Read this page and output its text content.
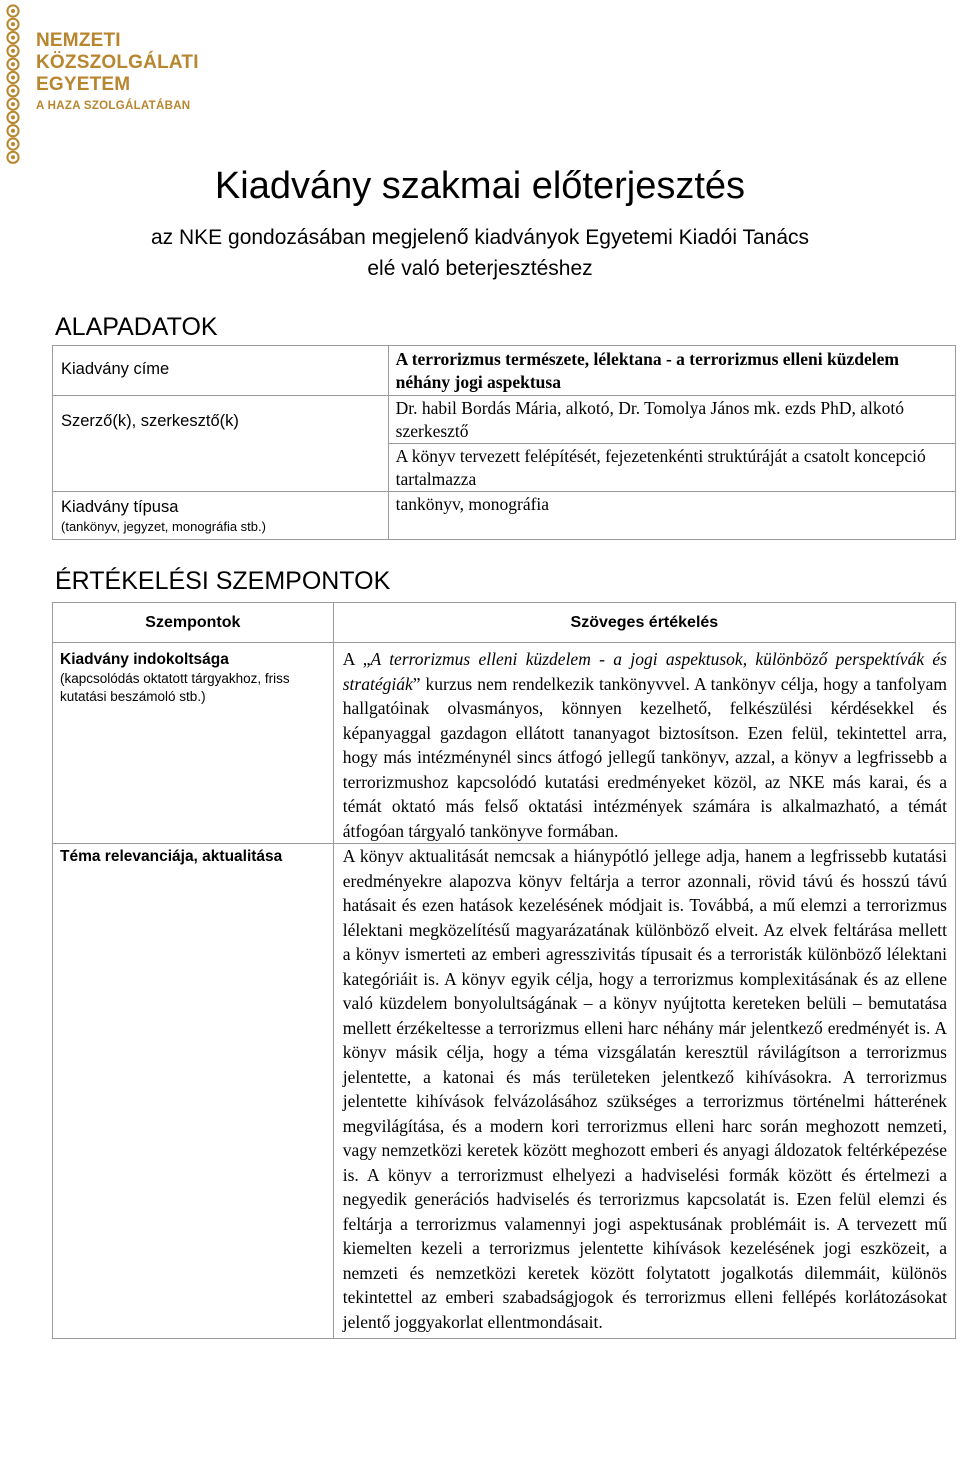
NEMZETI
KÖZSZOLGÁLATI
EGYETEM
A HAZA SZOLGÁLATÁBAN
Kiadvány szakmai előterjesztés
az NKE gondozásában megjelenő kiadványok Egyetemi Kiadói Tanács
elé való beterjesztéshez
ALAPADATOK
Kiadvány címe	A terrorizmus természete, lélektana - a terrorizmus elleni küzdelem néhány jogi aspektusa

Szerző(k), szerkesztő(k)	Dr. habil Bordás Mária, alkotó, Dr. Tomolya János mk. ezds PhD, alkotó szerkesztő

	A könyv tervezett felépítését, fejezetenkénti struktúráját a csatolt koncepció tartalmazza

Kiadvány típusa
(tankönyv, jegyzet, monográfia stb.)	tankönyv, monográfia
ÉRTÉKELÉSI SZEMPONTOK
Szempontok	Szöveges értékelés

Kiadvány indokoltsága
(kapcsolódás oktatott tárgyakhoz, friss kutatási beszámoló stb.)	A „A terrorizmus elleni küzdelem - a jogi aspektusok, különböző perspektívák és stratégiák” kurzus nem rendelkezik tankönyvvel. A tankönyv célja, hogy a tanfolyam hallgatóinak olvasmányos, könnyen kezelhető, felkészülési kérdésekkel és képanyaggal gazdagon ellátott tananyagot biztosítson. Ezen felül, tekintettel arra, hogy más intézménynél sincs átfogó jellegű tankönyv, azzal, a könyv a legfrissebb a terrorizmushoz kapcsolódó kutatási eredményeket közöl, az NKE más karai, és a témát oktató más felső oktatási intézmények számára is alkalmazható, a témát átfogóan tárgyaló tankönyve formában.

Téma relevanciája, aktualitása	A könyv aktualitását nemcsak a hiánypótló jellege adja, hanem a legfrissebb kutatási eredményekre alapozva könyv feltárja a terror azonnali, rövid távú és hosszú távú hatásait és ezen hatások kezelésének módjait is. Továbbá, a mű elemzi a terrorizmus lélektani megközelítésű magyarázatának különböző elveit. Az elvek feltárása mellett a könyv ismerteti az emberi agresszivitás típusait és a terroristák különböző lélektani kategóriáit is. A könyv egyik célja, hogy a terrorizmus komplexitásának és az ellene való küzdelem bonyolultságának – a könyv nyújtotta kereteken belüli – bemutatása mellett érzékeltesse a terrorizmus elleni harc néhány már jelentkező eredményét is. A könyv másik célja, hogy a téma vizsgálatán keresztül rávilágítson a terrorizmus jelentette, a katonai és más területeken jelentkező kihívásokra. A terrorizmus jelentette kihívások felvázolásához szükséges a terrorizmus történelmi hátterének megvilágítása, és a modern kori terrorizmus elleni harc során meghozott nemzeti, vagy nemzetközi keretek között meghozott emberi és anyagi áldozatok feltérképezése is. A könyv a terrorizmust elhelyezi a hadviselési formák között és értelmezi a negyedik generációs hadviselés és terrorizmus kapcsolatát is. Ezen felül elemzi és feltárja a terrorizmus valamennyi jogi aspektusának problémáit is. A tervezett mű kiemelten kezeli a terrorizmus jelentette kihívások kezelésének jogi eszközeit, a nemzeti és nemzetközi keretek között folytatott jogalkotás dilemmáit, különös tekintettel az emberi szabadságjogok és terrorizmus elleni fellépés korlátozásokat jelentő joggyakorlat ellentmondásait.
